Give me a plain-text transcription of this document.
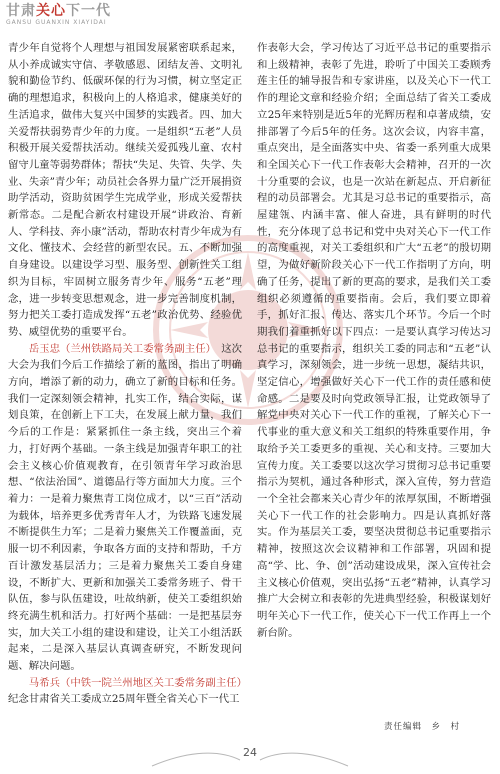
甘肃关心下一代
GANSU GUANXIN XIAYIDAI

青少年自觉将个人理想与祖国发展紧密联系起来，从小养成诚实守信、孝敬感恩、团结友善、文明礼貌和勤俭节约、低碳环保的行为习惯，树立坚定正确的理想追求，积极向上的人格追求，健康美好的生活追求，做伟大复兴中国梦的实践者。四、加大关爱帮扶弱势青少年的力度。一是组织“五老”人员积极开展关爱帮扶活动。继续关爱孤残儿童、农村留守儿童等弱势群体；帮扶“失足、失管、失学、失业、失亲”青少年；动员社会各界力量广泛开展捐资助学活动，资助贫困学生完成学业，形成关爱帮扶新常态。二是配合新农村建设开展“讲政治、育新人、学科技、奔小康”活动，帮助农村青少年成为有文化、懂技术、会经营的新型农民。五、不断加强自身建设。以建设学习型、服务型、创新性关工组织为目标，牢固树立服务青少年、服务“五老”理念，进一步转变思想观念，进一步完善制度机制，努力把关工委打造成发挥“五老”政治优势、经验优势、威望优势的重要平台。

岳玉忠（兰州铁路局关工委常务副主任）　 这次大会为我们今后工作描绘了新的蓝图，指出了明确方向，增添了新的动力，确立了新的目标和任务。我们一定深刻领会精神，扎实工作，结合实际，谋划良策，在创新上下工夫，在发展上献力量，我们今后的工作是：紧紧抓住一条主线，突出三个着力，打好两个基础。一条主线是加强青年职工的社会主义核心价值观教育，在引领青年学习政治思想、“依法治国”、道德品行等方面加大力度。三个着力：一是着力聚焦青工岗位成才，以“三百”活动为载体，培养更多优秀青年人才，为铁路飞速发展不断提供生力军；二是着力聚焦关工作覆盖面，克服一切不利因素，争取各方面的支持和帮助，千方百计激发基层活力；三是着力聚焦关工委自身建设，不断扩大、更新和加强关工委常务班子、骨干队伍，参与队伍建设，吐故纳新，使关工委组织始终充满生机和活力。打好两个基础：一是把基层夯实，加大关工小组的建设和建设，让关工小组活跃起来，二是深入基层认真调查研究，不断发现问题、解决问题。

马希兵（中铁一院兰州地区关工委常务副主任）

纪念甘肃省关工委成立25周年暨全省关心下一代工

作表彰大会，学习传达了习近平总书记的重要指示和上级精神，表彰了先进，聆听了中国关工委顾秀莲主任的辅导报告和专家讲座，以及关心下一代工作的理论文章和经验介绍；全面总结了省关工委成立25年来特别是近5年的光辉历程和卓著成绩，安排部署了今后5年的任务。这次会议，内容丰富，重点突出，是全面落实中央、省委一系列重大成果和全国关心下一代工作表彰大会精神，召开的一次十分重要的会议，也是一次站在新起点、开启新征程的动员部署会。尤其是习总书记的重要指示，高屋建瓴、内涵丰富、催人奋进，具有鲜明的时代性，充分体现了总书记和党中央对关心下一代工作的高度重视，对关工委组织和广大“五老”的殷切期望，为做好新阶段关心下一代工作指明了方向，明确了任务，提出了新的更高的要求，是我们关工委组织必须遵循的重要指南。会后，我们要立即着手，抓好汇报、传达、落实几个环节。今后一个时期我们着重抓好以下四点：一是要认真学习传达习总书记的重要指示，组织关工委的同志和“五老”认真学习，深刻领会，进一步统一思想，凝结共识，坚定信心，增强做好关心下一代工作的责任感和使命感。二是要及时向党政领导汇报，让党政领导了解党中央对关心下一代工作的重视，了解关心下一代事业的重大意义和关工组织的特殊重要作用，争取给予关工委更多的重视、关心和支持。三要加大宣传力度。关工委要以这次学习贯彻习总书记重要指示为契机，通过各种形式，深入宣传，努力营造一个全社会都来关心青少年的浓厚氛围，不断增强关心下一代工作的社会影响力。四是认真抓好落实。作为基层关工委，要坚决贯彻总书记重要指示精神，按照这次会议精神和工作部署，巩固和提高“学、比、争、创”活动建设成果，深入宣传社会主义核心价值观，突出弘扬“五老”精神，认真学习推广大会树立和表彰的先进典型经验，积极谋划好明年关心下一代工作，使关心下一代工作再上一个新台阶。

责任编辑　乡　村
24
